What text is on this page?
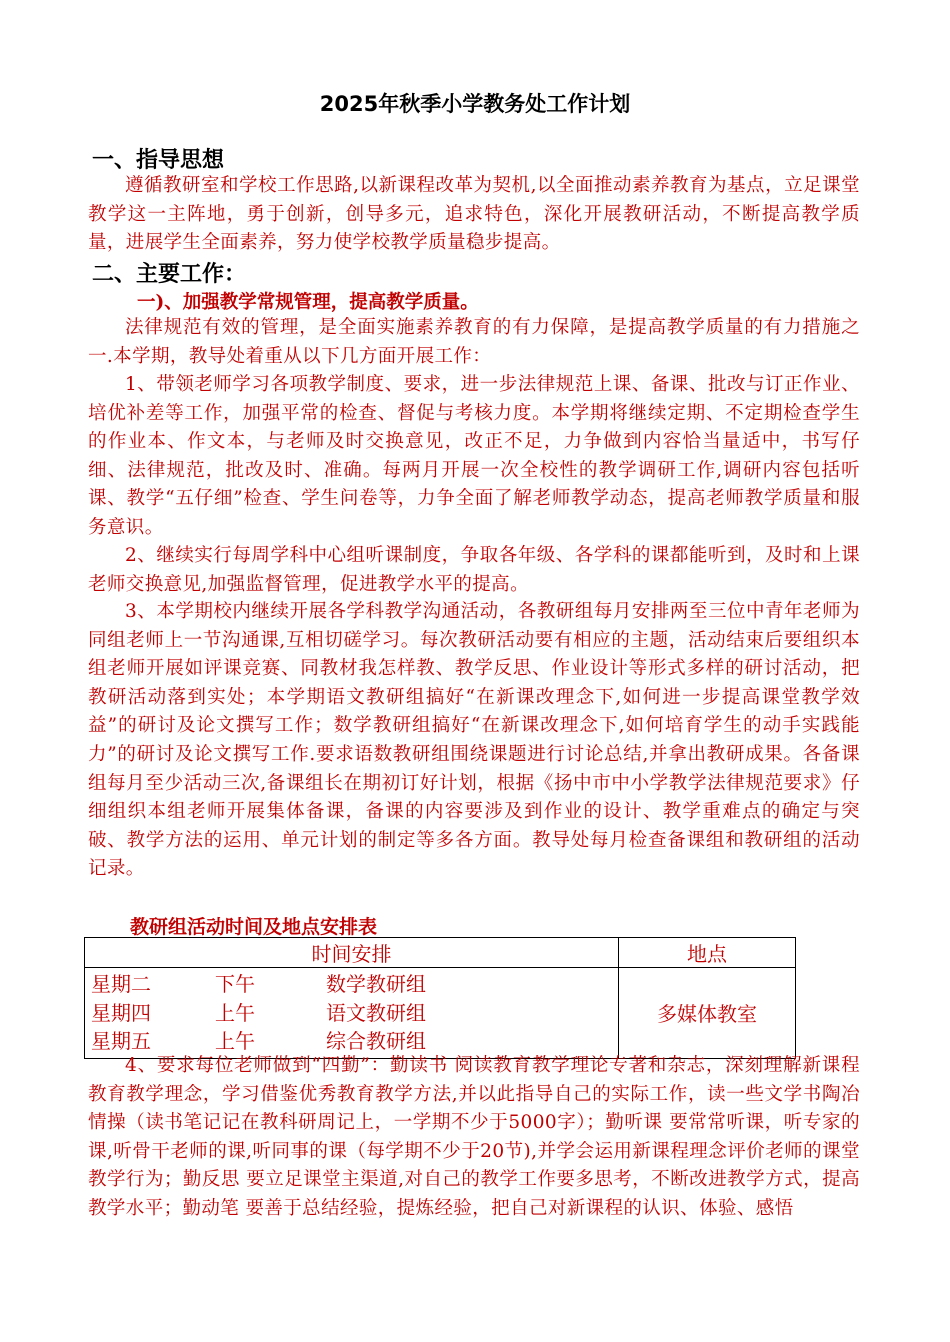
2025年秋季小学教务处工作计划
一、指导思想
遵循教研室和学校工作思路,以新课程改革为契机,以全面推动素养教育为基点，立足课堂教学这一主阵地，勇于创新，创导多元，追求特色，深化开展教研活动，不断提高教学质量，进展学生全面素养，努力使学校教学质量稳步提高。
二、主要工作：
一)、加强教学常规管理，提高教学质量。
法律规范有效的管理，是全面实施素养教育的有力保障，是提高教学质量的有力措施之一.本学期，教导处着重从以下几方面开展工作：
1、带领老师学习各项教学制度、要求，进一步法律规范上课、备课、批改与订正作业、培优补差等工作，加强平常的检查、督促与考核力度。本学期将继续定期、不定期检查学生的作业本、作文本，与老师及时交换意见，改正不足，力争做到内容恰当量适中，书写仔细、法律规范，批改及时、准确。每两月开展一次全校性的教学调研工作,调研内容包括听课、教学“五仔细”检查、学生问卷等，力争全面了解老师教学动态，提高老师教学质量和服务意识。
2、继续实行每周学科中心组听课制度，争取各年级、各学科的课都能听到，及时和上课老师交换意见,加强监督管理，促进教学水平的提高。
3、本学期校内继续开展各学科教学沟通活动，各教研组每月安排两至三位中青年老师为同组老师上一节沟通课,互相切磋学习。每次教研活动要有相应的主题，活动结束后要组织本组老师开展如评课竞赛、同教材我怎样教、教学反思、作业设计等形式多样的研讨活动，把教研活动落到实处；本学期语文教研组搞好“在新课改理念下,如何进一步提高课堂教学效益”的研讨及论文撰写工作；数学教研组搞好“在新课改理念下,如何培育学生的动手实践能力”的研讨及论文撰写工作.要求语数教研组围绕课题进行讨论总结,并拿出教研成果。各备课组每月至少活动三次,备课组长在期初订好计划，根据《扬中市中小学教学法律规范要求》仔细组织本组老师开展集体备课，备课的内容要涉及到作业的设计、教学重难点的确定与突破、教学方法的运用、单元计划的制定等多各方面。教导处每月检查备课组和教研组的活动记录。
教研组活动时间及地点安排表
时间安排	地点

星期二 下午 数学教研组
星期四 上午 语文教研组
星期五 上午 综合教研组	多媒体教室
4、要求每位老师做到“四勤”：勤读书 阅读教育教学理论专著和杂志，深刻理解新课程教育教学理念，学习借鉴优秀教育教学方法,并以此指导自己的实际工作，读一些文学书陶冶情操（读书笔记记在教科研周记上，一学期不少于5000字）；勤听课 要常常听课，听专家的课,听骨干老师的课,听同事的课（每学期不少于20节),并学会运用新课程理念评价老师的课堂教学行为；勤反思 要立足课堂主渠道,对自己的教学工作要多思考，不断改进教学方式，提高教学水平；勤动笔 要善于总结经验，提炼经验，把自己对新课程的认识、体验、感悟
